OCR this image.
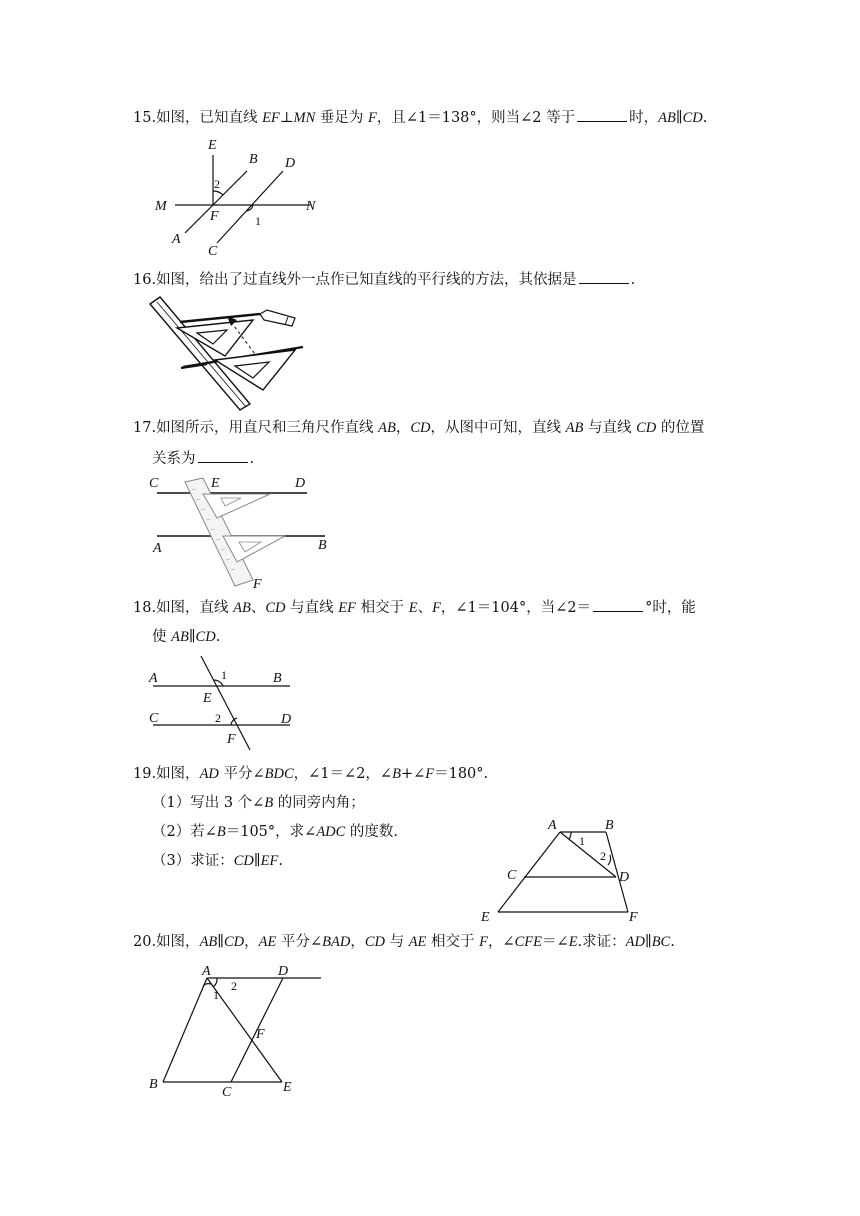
15.如图，已知直线 EF⊥MN 垂足为 F，且∠1＝138°，则当∠2 等于	时，AB∥CD.
E
B D
2
M
F	1
N
A
C
16.如图，给出了过直线外一点作已知直线的平行线的方法，其依据是	.
17.如图所示，用直尺和三角尺作直线 AB，CD，从图中可知，直线 AB 与直线 CD 的位置
关系为	.
C	E	D
A	B
F
18.如图，直线 AB、CD 与直线 EF 相交于 E、F，∠1＝104°，当∠2＝	°时，能
使 AB∥CD.
A	1	B
E
C	2	D
F
19.如图，AD 平分∠BDC，∠1＝∠2，∠B+∠F＝180°.
（1）写出 3 个∠B 的同旁内角；
（2）若∠B＝105°，求∠ADC 的度数.
（3）求证：CD∥EF.
A	B
1
2
C	D
E	F
20.如图，AB∥CD，AE 平分∠BAD，CD 与 AE 相交于 F，∠CFE＝∠E.求证：AD∥BC.
A	D
2
1
F
B
C	E
